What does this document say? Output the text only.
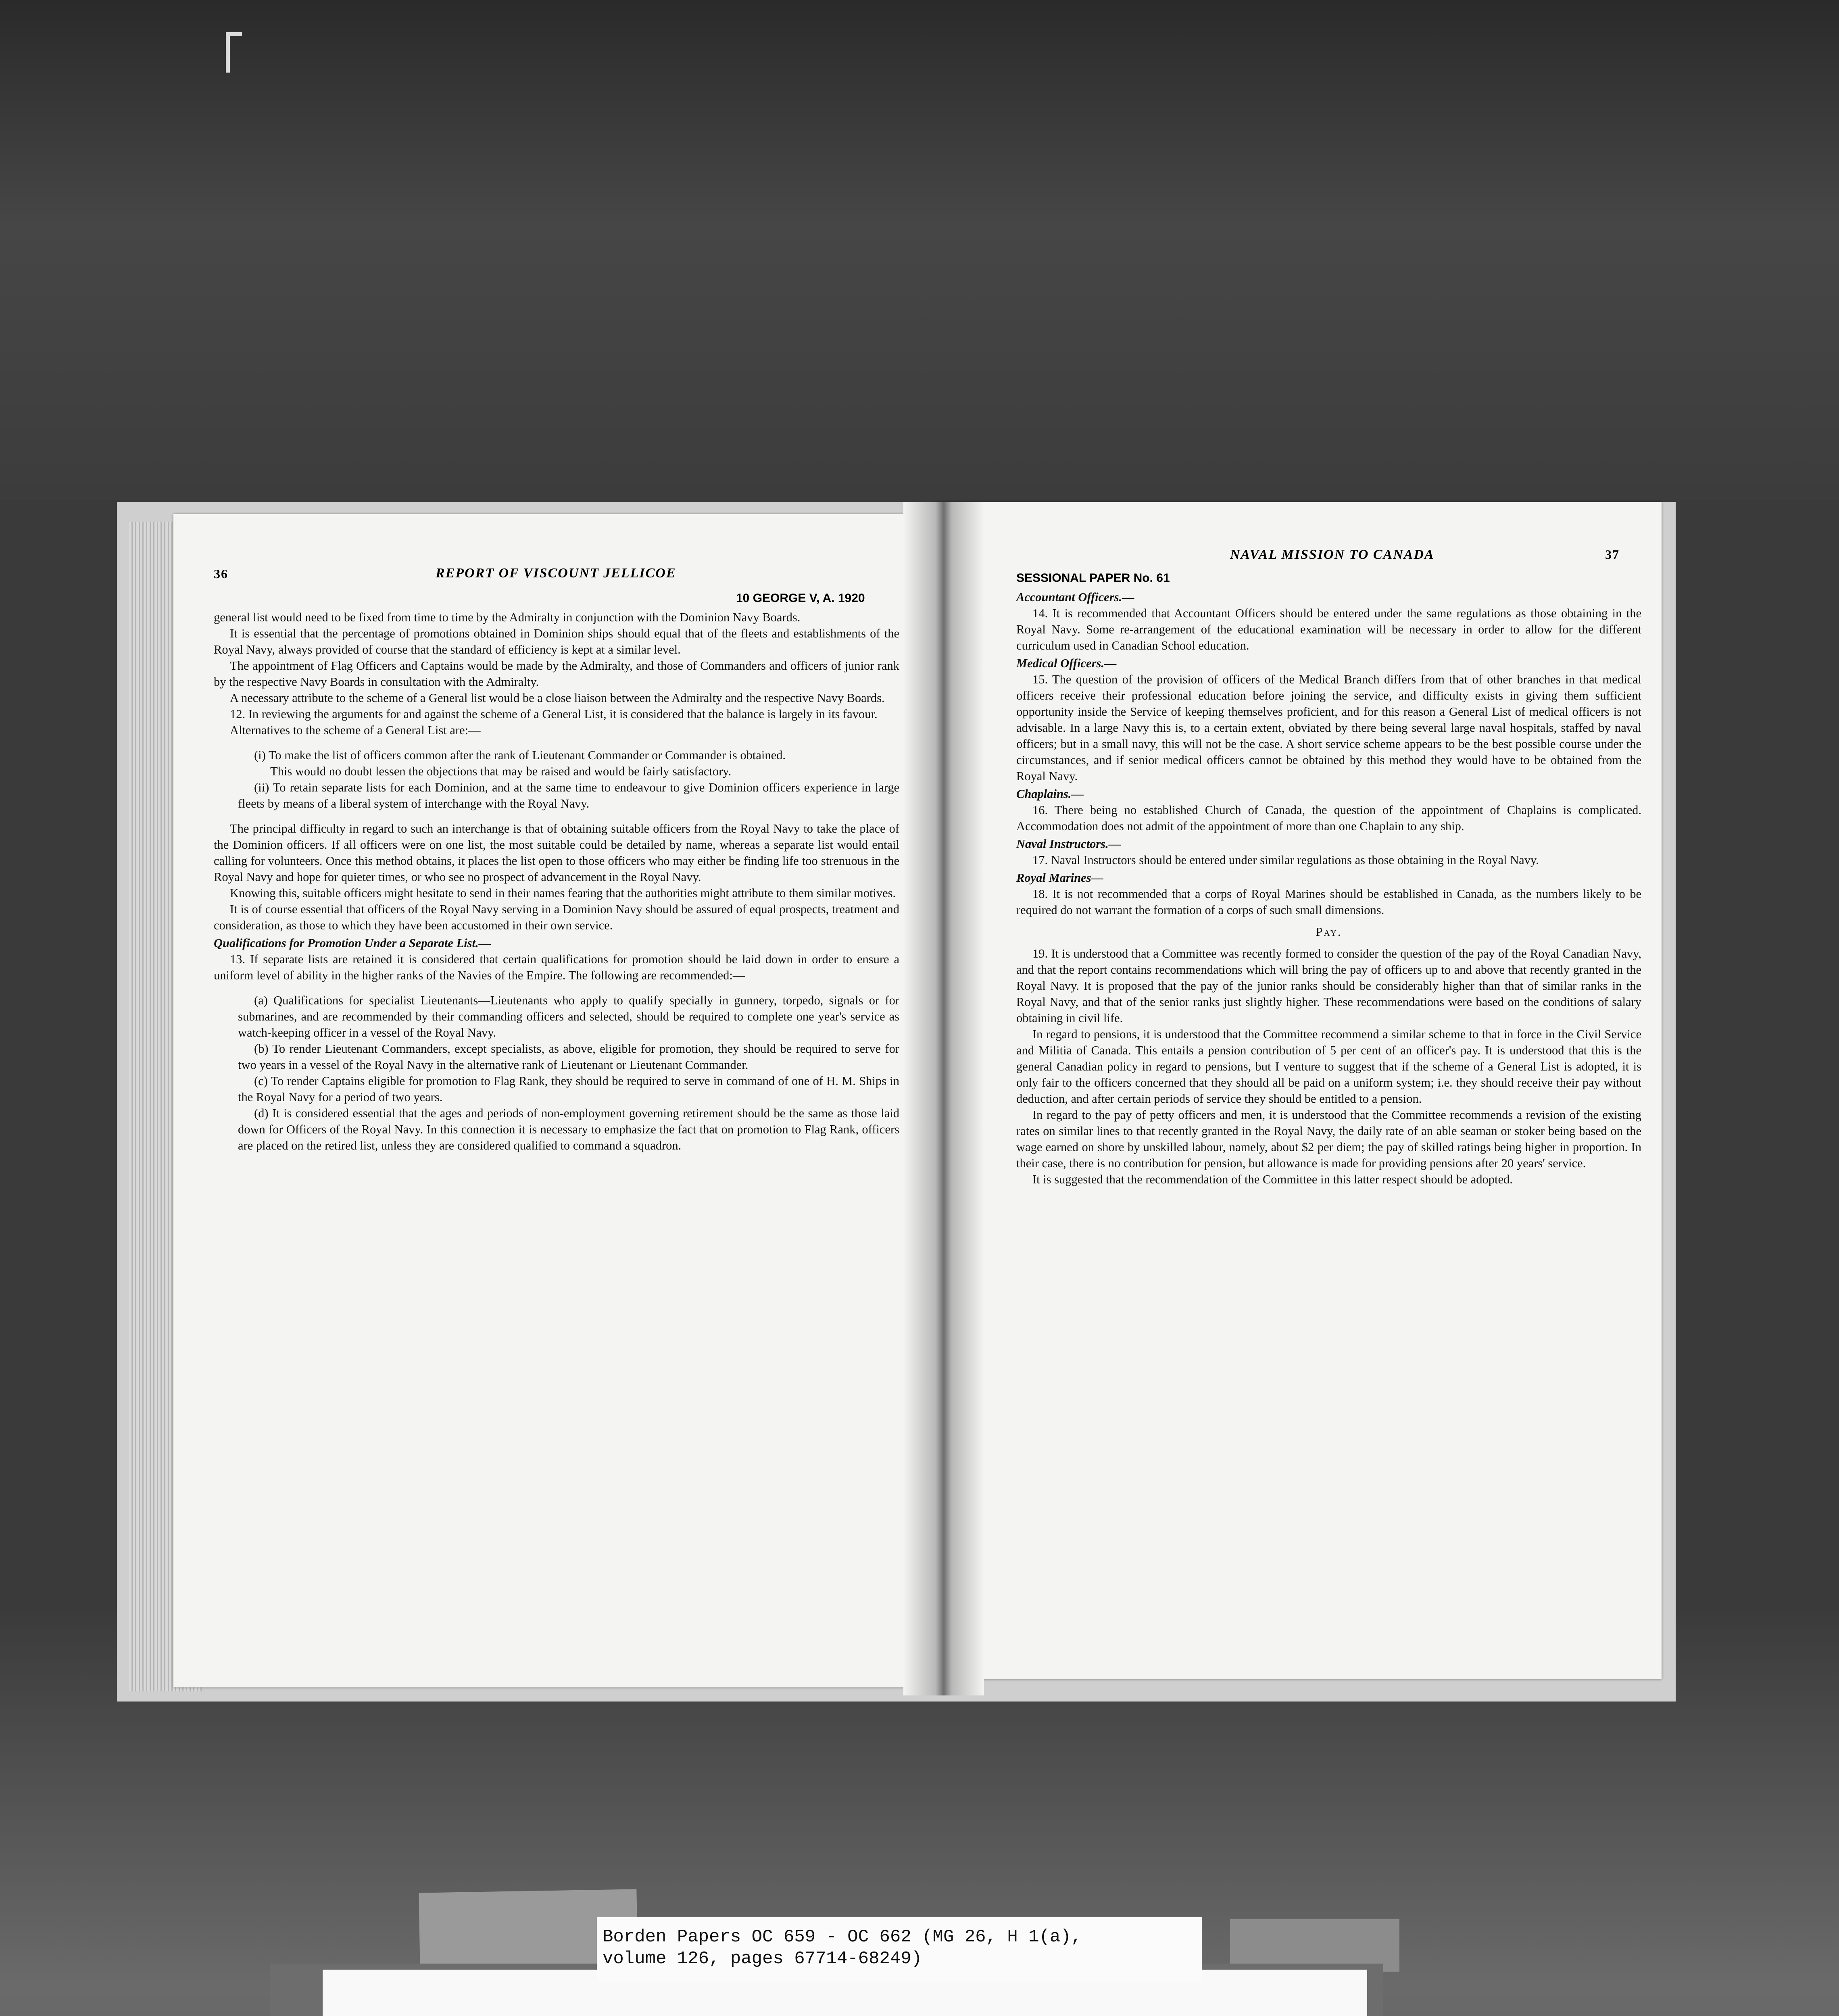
36	REPORT OF VISCOUNT JELLICOE
10 GEORGE V, A. 1920

general list would need to be fixed from time to time by the Admiralty in conjunction with the Dominion Navy Boards.

It is essential that the percentage of promotions obtained in Dominion ships should equal that of the fleets and establishments of the Royal Navy, always provided of course that the standard of efficiency is kept at a similar level.

The appointment of Flag Officers and Captains would be made by the Admiralty, and those of Commanders and officers of junior rank by the respective Navy Boards in consultation with the Admiralty.

A necessary attribute to the scheme of a General list would be a close liaison between the Admiralty and the respective Navy Boards.

12. In reviewing the arguments for and against the scheme of a General List, it is considered that the balance is largely in its favour.

Alternatives to the scheme of a General List are:—

(i) To make the list of officers common after the rank of Lieutenant Commander or Commander is obtained.

This would no doubt lessen the objections that may be raised and would be fairly satisfactory.

(ii) To retain separate lists for each Dominion, and at the same time to endeavour to give Dominion officers experience in large fleets by means of a liberal system of interchange with the Royal Navy.

The principal difficulty in regard to such an interchange is that of obtaining suitable officers from the Royal Navy to take the place of the Dominion officers. If all officers were on one list, the most suitable could be detailed by name, whereas a separate list would entail calling for volunteers. Once this method obtains, it places the list open to those officers who may either be finding life too strenuous in the Royal Navy and hope for quieter times, or who see no prospect of advancement in the Royal Navy.

Knowing this, suitable officers might hesitate to send in their names fearing that the authorities might attribute to them similar motives.

It is of course essential that officers of the Royal Navy serving in a Dominion Navy should be assured of equal prospects, treatment and consideration, as those to which they have been accustomed in their own service.

Qualifications for Promotion Under a Separate List.—

13. If separate lists are retained it is considered that certain qualifications for promotion should be laid down in order to ensure a uniform level of ability in the higher ranks of the Navies of the Empire. The following are recommended:—

(a) Qualifications for specialist Lieutenants—Lieutenants who apply to qualify specially in gunnery, torpedo, signals or for submarines, and are recommended by their commanding officers and selected, should be required to complete one year's service as watch-keeping officer in a vessel of the Royal Navy.

(b) To render Lieutenant Commanders, except specialists, as above, eligible for promotion, they should be required to serve for two years in a vessel of the Royal Navy in the alternative rank of Lieutenant or Lieutenant Commander.

(c) To render Captains eligible for promotion to Flag Rank, they should be required to serve in command of one of H. M. Ships in the Royal Navy for a period of two years.

(d) It is considered essential that the ages and periods of non-employment governing retirement should be the same as those laid down for Officers of the Royal Navy. In this connection it is necessary to emphasize the fact that on promotion to Flag Rank, officers are placed on the retired list, unless they are considered qualified to command a squadron.

NAVAL MISSION TO CANADA	37
SESSIONAL PAPER No. 61

Accountant Officers.—

14. It is recommended that Accountant Officers should be entered under the same regulations as those obtaining in the Royal Navy. Some re-arrangement of the educational examination will be necessary in order to allow for the different curriculum used in Canadian School education.

Medical Officers.—

15. The question of the provision of officers of the Medical Branch differs from that of other branches in that medical officers receive their professional education before joining the service, and difficulty exists in giving them sufficient opportunity inside the Service of keeping themselves proficient, and for this reason a General List of medical officers is not advisable. In a large Navy this is, to a certain extent, obviated by there being several large naval hospitals, staffed by naval officers; but in a small navy, this will not be the case. A short service scheme appears to be the best possible course under the circumstances, and if senior medical officers cannot be obtained by this method they would have to be obtained from the Royal Navy.

Chaplains.—

16. There being no established Church of Canada, the question of the appointment of Chaplains is complicated. Accommodation does not admit of the appointment of more than one Chaplain to any ship.

Naval Instructors.—

17. Naval Instructors should be entered under similar regulations as those obtaining in the Royal Navy.

Royal Marines—

18. It is not recommended that a corps of Royal Marines should be established in Canada, as the numbers likely to be required do not warrant the formation of a corps of such small dimensions.

Pay.

19. It is understood that a Committee was recently formed to consider the question of the pay of the Royal Canadian Navy, and that the report contains recommendations which will bring the pay of officers up to and above that recently granted in the Royal Navy. It is proposed that the pay of the junior ranks should be considerably higher than that of similar ranks in the Royal Navy, and that of the senior ranks just slightly higher. These recommendations were based on the conditions of salary obtaining in civil life.

In regard to pensions, it is understood that the Committee recommend a similar scheme to that in force in the Civil Service and Militia of Canada. This entails a pension contribution of 5 per cent of an officer's pay. It is understood that this is the general Canadian policy in regard to pensions, but I venture to suggest that if the scheme of a General List is adopted, it is only fair to the officers concerned that they should all be paid on a uniform system; i.e. they should receive their pay without deduction, and after certain periods of service they should be entitled to a pension.

In regard to the pay of petty officers and men, it is understood that the Committee recommends a revision of the existing rates on similar lines to that recently granted in the Royal Navy, the daily rate of an able seaman or stoker being based on the wage earned on shore by unskilled labour, namely, about $2 per diem; the pay of skilled ratings being higher in proportion. In their case, there is no contribution for pension, but allowance is made for providing pensions after 20 years' service.

It is suggested that the recommendation of the Committee in this latter respect should be adopted.

Borden Papers OC 659 - OC 662 (MG 26, H 1(a),
volume 126, pages 67714-68249)
